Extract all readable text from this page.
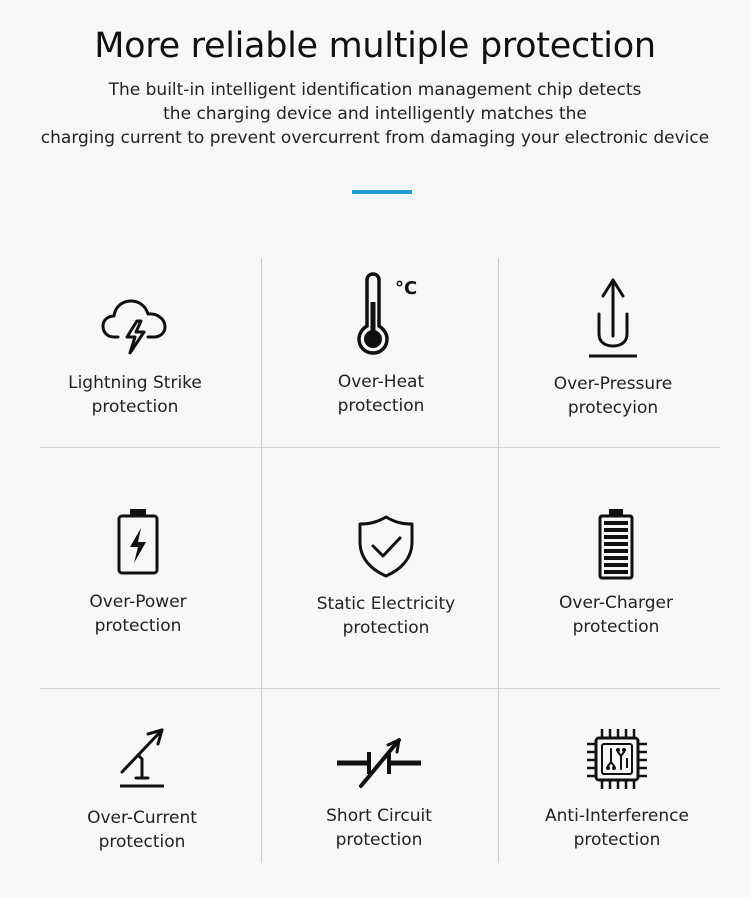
More reliable multiple protection

The built-in intelligent identification management chip detects
the charging device and intelligently matches the
charging current to prevent overcurrent from damaging your electronic device

Lightning Strike
protection
°C
Over-Heat
protection
Over-Pressure
protecyion
Over-Power
protection
Static Electricity
protection
Over-Charger
protection
Over-Current
protection
Short Circuit
protection
Anti-Interference
protection
